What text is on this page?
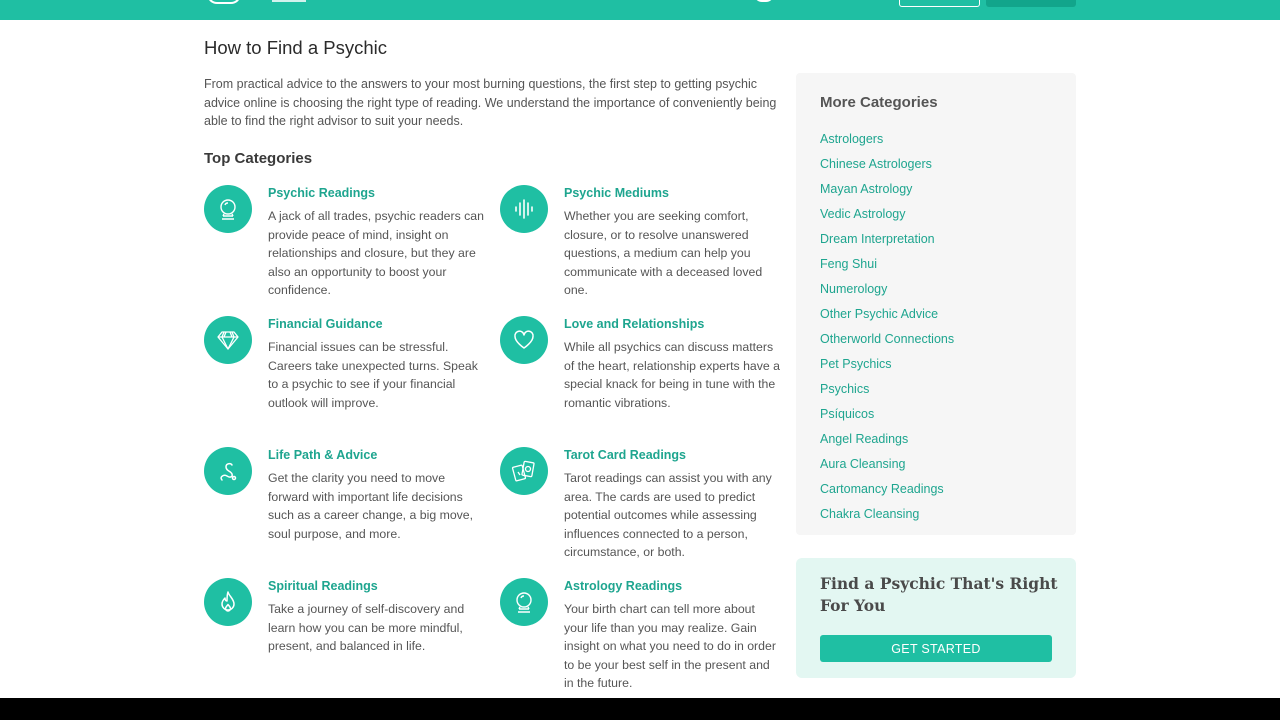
How to Find a Psychic

From practical advice to the answers to your most burning questions, the first step to getting psychic advice online is choosing the right type of reading. We understand the importance of conveniently being able to find the right advisor to suit your needs.

Top Categories
Psychic Readings
A jack of all trades, psychic readers can provide peace of mind, insight on relationships and closure, but they are also an opportunity to boost your confidence.
Psychic Mediums
Whether you are seeking comfort, closure, or to resolve unanswered questions, a medium can help you communicate with a deceased loved one.
Financial Guidance
Financial issues can be stressful. Careers take unexpected turns. Speak to a psychic to see if your financial outlook will improve.
Love and Relationships
While all psychics can discuss matters of the heart, relationship experts have a special knack for being in tune with the romantic vibrations.
Life Path & Advice
Get the clarity you need to move forward with important life decisions such as a career change, a big move, soul purpose, and more.
Tarot Card Readings
Tarot readings can assist you with any area. The cards are used to predict potential outcomes while assessing influences connected to a person, circumstance, or both.
Spiritual Readings
Take a journey of self-discovery and learn how you can be more mindful, present, and balanced in life.
Astrology Readings
Your birth chart can tell more about your life than you may realize. Gain insight on what you need to do in order to be your best self in the present and in the future.
More Categories
Astrologers
Chinese Astrologers
Mayan Astrology
Vedic Astrology
Dream Interpretation
Feng Shui
Numerology
Other Psychic Advice
Otherworld Connections
Pet Psychics
Psychics
Psíquicos
Angel Readings
Aura Cleansing
Cartomancy Readings
Chakra Cleansing
Find a Psychic That's Right For You
GET STARTED
